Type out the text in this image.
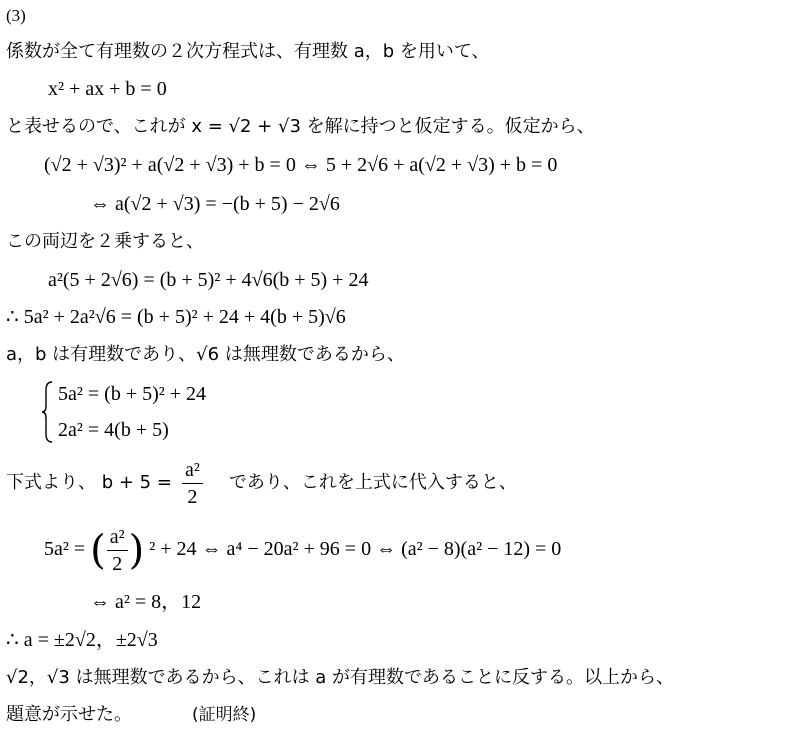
(3)
係数が全て有理数の２次方程式は、有理数 a，b を用いて、
x² + ax + b = 0
と表せるので、これが x = √2 + √3 を解に持つと仮定する。仮定から、
(√2 + √3)² + a(√2 + √3) + b = 0 ⇔ 5 + 2√6 + a(√2 + √3) + b = 0
⇔ a(√2 + √3) = −(b + 5) − 2√6
この両辺を２乗すると、
a²(5 + 2√6) = (b + 5)² + 4√6(b + 5) + 24
∴ 5a² + 2a²√6 = (b + 5)² + 24 + 4(b + 5)√6
a，b は有理数であり、√6 は無理数であるから、
5a² = (b + 5)² + 24
2a² = 4(b + 5)
下式より、 $b + 5 = \frac{\text{a²}}{2}$ であり、これを上式に代入すると、
5a² = ( $\frac{\text{a²}}{2}$ ) ² + 24 ⇔ a⁴ − 20a² + 96 = 0 ⇔ (a² − 8)(a² − 12) = 0
⇔ a² = 8，12
∴ a = ±2√2，±2√3
√2，√3 は無理数であるから、これは a が有理数であることに反する。以上から、
題意が示せた。	(証明終)
